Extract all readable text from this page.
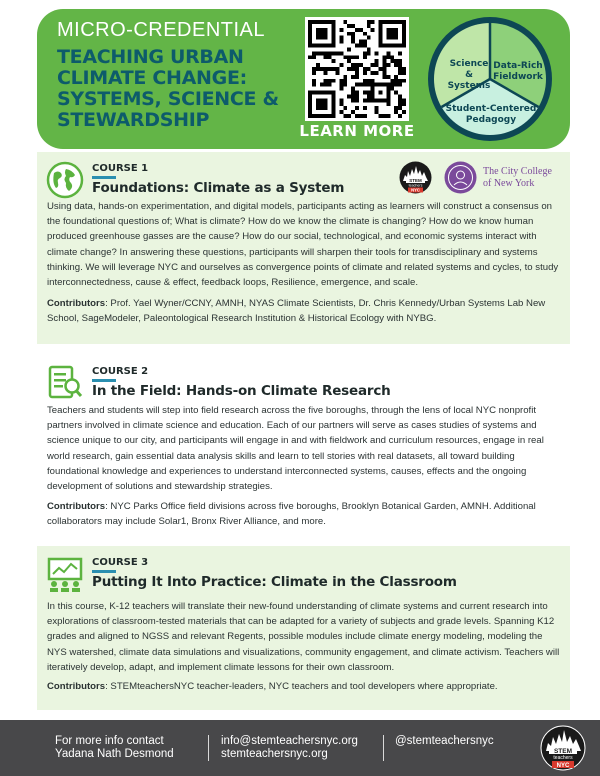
MICRO-CREDENTIAL
TEACHING URBAN
CLIMATE CHANGE:
SYSTEMS, SCIENCE &
STEWARDSHIP	LEARN MORE
Science
& Systems
Data-Rich
Fieldwork
Student-Centered
Pedagogy
COURSE 1
Foundations: Climate as a System	STEM
teachers
NYC
The City College
of New York
Using data, hands-on experimentation, and digital models, participants acting as learners will construct a consensus on the foundational questions of; What is climate? How do we know the climate is changing? How do we know human produced greenhouse gasses are the cause? How do our social, technological, and economic systems interact with climate change? In answering these questions, participants will sharpen their tools for transdisciplinary and systems thinking. We will leverage NYC and ourselves as convergence points of climate and related systems and cycles, to study interconnectedness, cause & effect, feedback loops, Resilience, emergence, and scale.
Contributors: Prof. Yael Wyner/CCNY, AMNH, NYAS Climate Scientists, Dr. Chris Kennedy/Urban Systems Lab New School, SageModeler, Paleontological Research Institution & Historical Ecology with NYBG.
COURSE 2
In the Field: Hands-on Climate Research
Teachers and students will step into field research across the five boroughs, through the lens of local NYC nonprofit partners involved in climate science and education. Each of our partners will serve as cases studies of systems and science unique to our city, and participants will engage in and with fieldwork and curriculum resources, engage in real world research, gain essential data analysis skills and learn to tell stories with real datasets, all toward building foundational knowledge and experiences to understand interconnected systems, causes, effects and the ongoing development of solutions and stewardship strategies.
Contributors: NYC Parks Office field divisions across five boroughs, Brooklyn Botanical Garden, AMNH. Additional collaborators may include Solar1, Bronx River Alliance, and more.
COURSE 3
Putting It Into Practice: Climate in the Classroom
In this course, K-12 teachers will translate their new-found understanding of climate systems and current research into explorations of classroom-tested materials that can be adapted for a variety of subjects and grade levels. Spanning K12 grades and aligned to NGSS and relevant Regents, possible modules include climate energy modeling, modeling the NYS watershed, climate data simulations and visualizations, community engagement, and climate activism. Teachers will iteratively develop, adapt, and implement climate lessons for their own classroom.
Contributors: STEMteachersNYC teacher-leaders, NYC teachers and tool developers where appropriate.
For more info contact
Yadana Nath Desmond
info@stemteachersnyc.org
stemteachersnyc.org
@stemteachersnyc
STEM
teachers
NYC
